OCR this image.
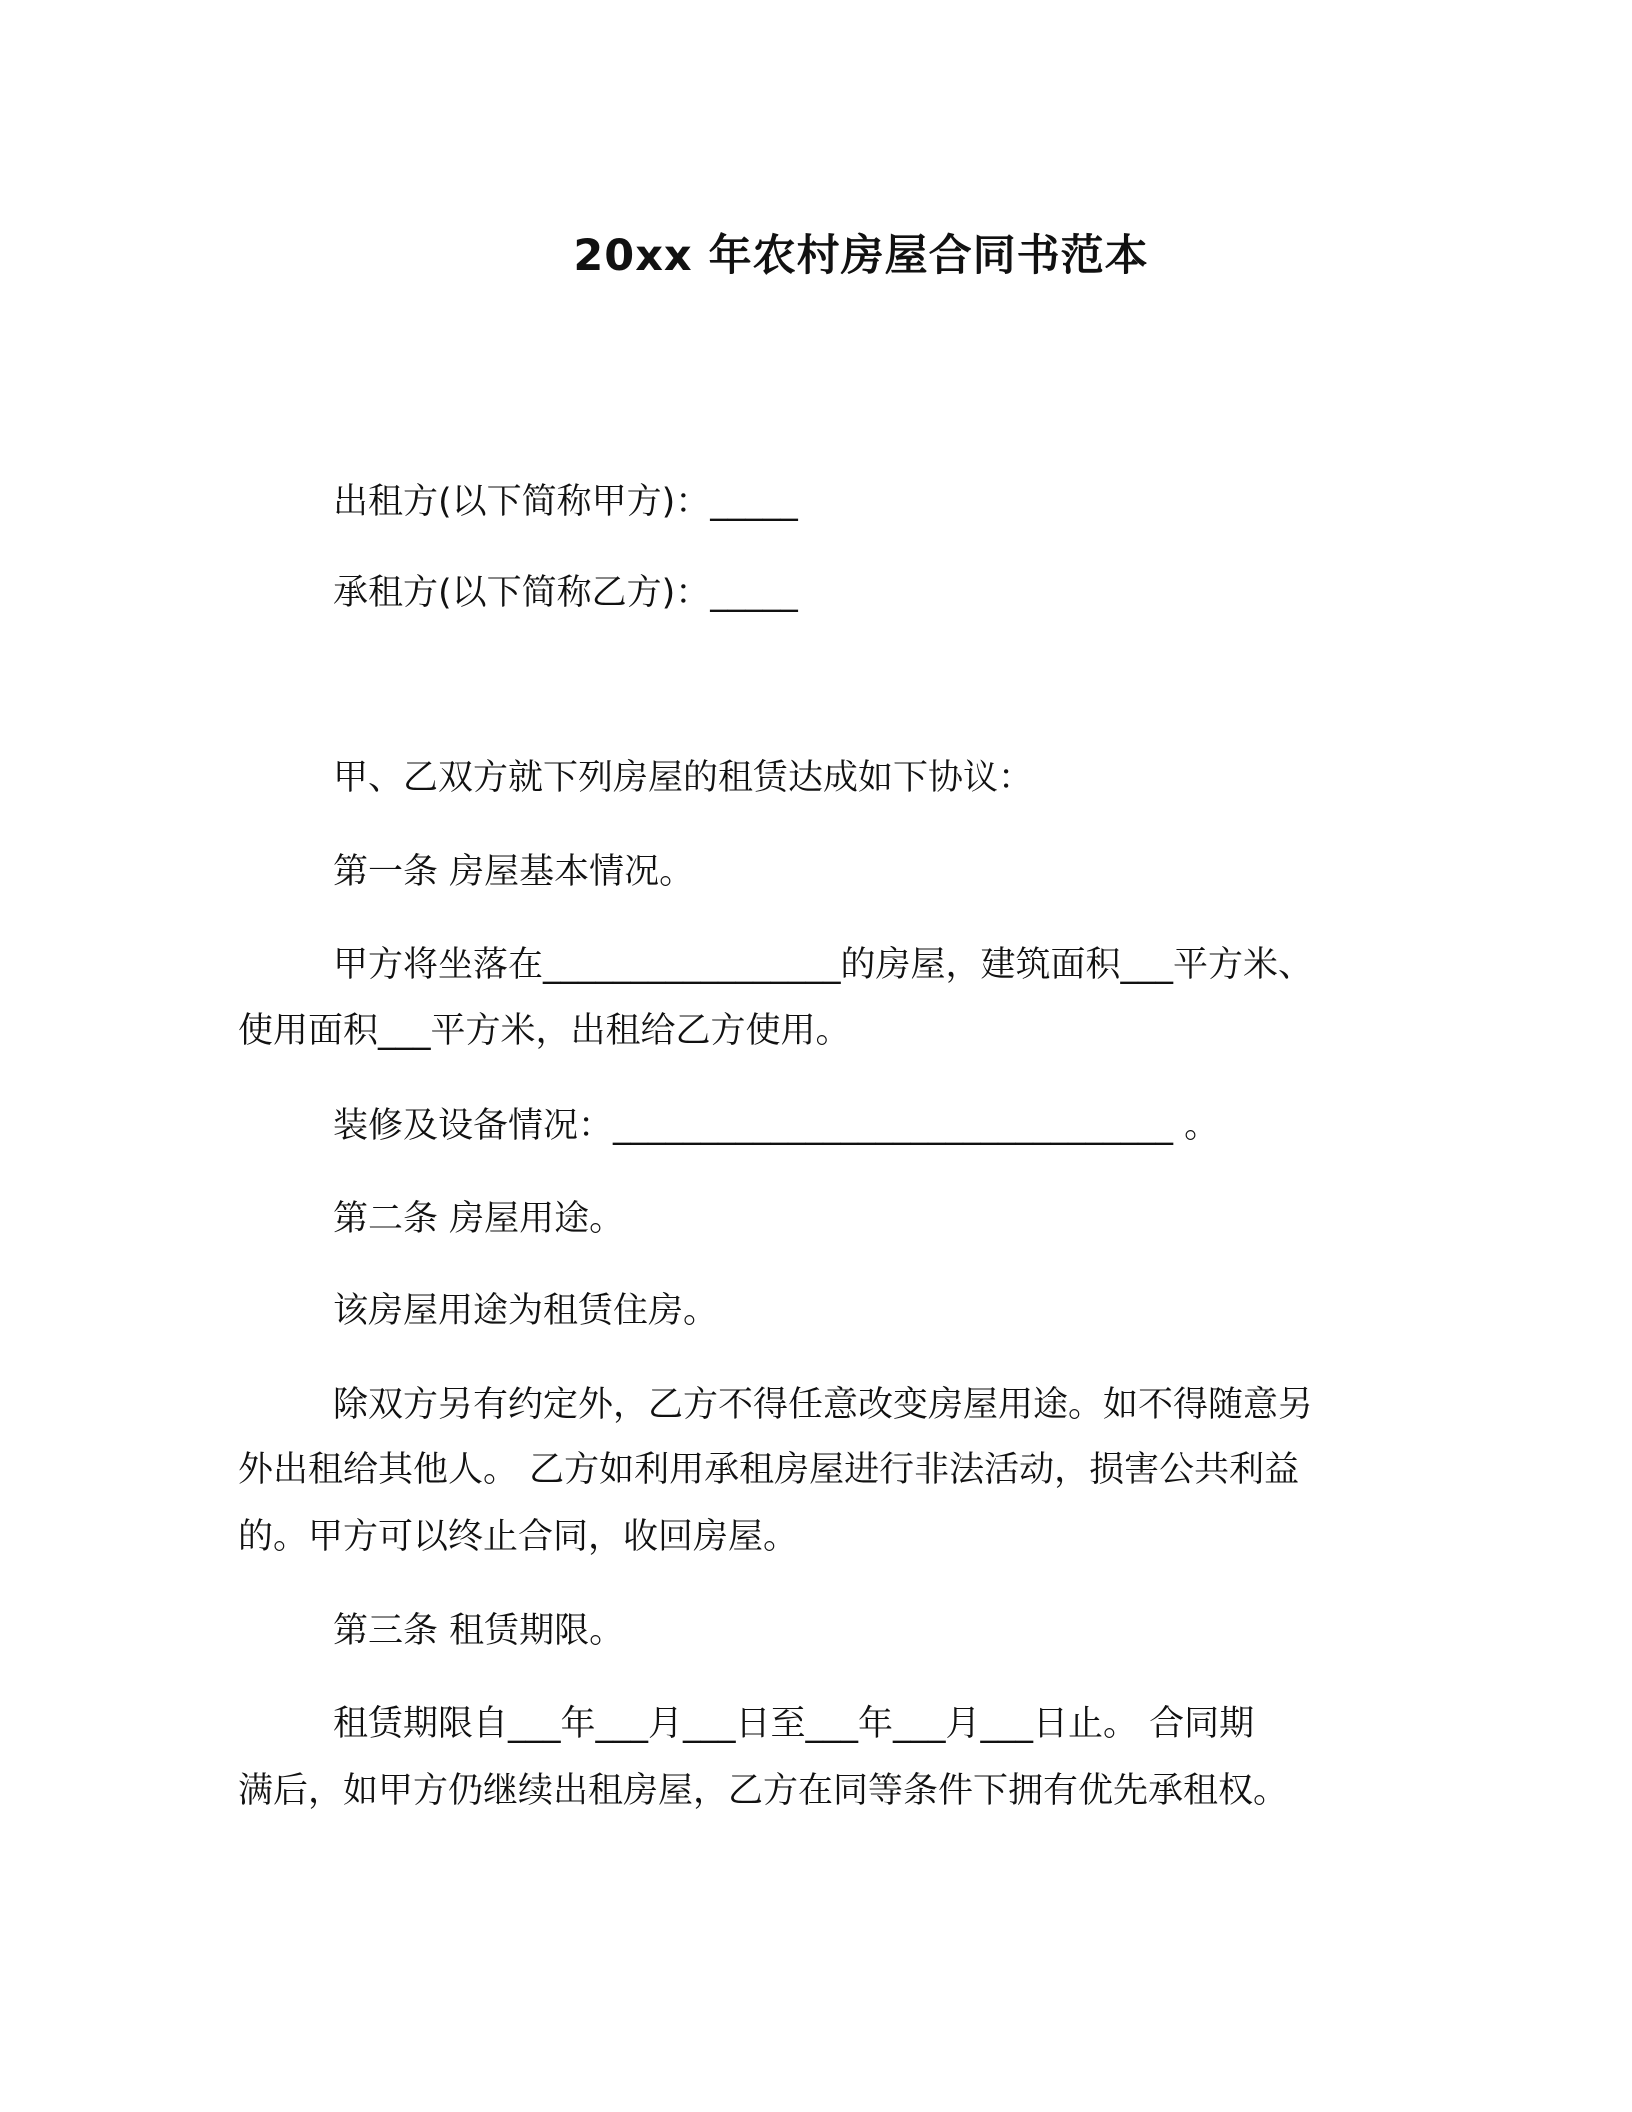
20xx 年农村房屋合同书范本

出租方(以下简称甲方)：_____

承租方(以下简称乙方)：_____

甲、乙双方就下列房屋的租赁达成如下协议：

第一条 房屋基本情况。

甲方将坐落在_________________的房屋，建筑面积___平方米、

使用面积___平方米，出租给乙方使用。

装修及设备情况：________________________________ 。

第二条 房屋用途。

该房屋用途为租赁住房。

除双方另有约定外，乙方不得任意改变房屋用途。如不得随意另

外出租给其他人。 乙方如利用承租房屋进行非法活动，损害公共利益

的。甲方可以终止合同，收回房屋。

第三条 租赁期限。

租赁期限自___年___月___日至___年___月___日止。 合同期

满后，如甲方仍继续出租房屋，乙方在同等条件下拥有优先承租权。
